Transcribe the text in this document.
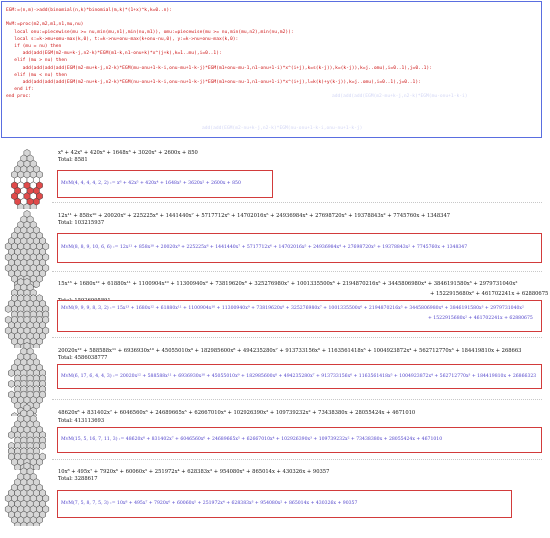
EGM:=(n,m)->add(binomial(n,k)*binomial(m,k)*(1+x)^k,k=0..n):
MvM:=proc(m2,m2,m1,n1,mu,nu)
local onu:=piecewise(mu >= nu,min(mu,n1),min(nu,m1)), omu:=piecewise(mu >= nu,min(mu,n2),min(nu,m2)):
local s:=k->mu+omu-max(k,0), t:=k->nu+onu-max(k+onu-nu,0), y:=k->nu+onu-max(k,0):
if (mu = nu) then
add(add(EGM(m2-mu+k-j,n2-k)*EGM(m1-k,n1-onu+k)*x^(j+k),k=1..mu),i=0..1):
elif (mu > nu) then
add(add(add(add(EGM(m2-mu+k-j,n2-k)*EGM(mu-onu+1-k-i,onu-mu+1-k-j)*EGM(m1+onu-mu-1,n1-onu+1-i)*x^(i+j),k=s(k-j)),k=(k-j)),k=j..omu),i=0..1),j=0..1):
elif (mu < nu) then
add(add(add(add(EGM(m2-nu+k-j,n2-k)*EGM(nu-onu+1-k-i,onu-nu+1-k-j)*EGM(m1+onu-nu-1,n1-onu+1-i)*x^(i+j),l=k(k)+y(k-j)),k=j..omu),i=0..1),j=0..1):
end if:
end proc:	add(add(add(EGM(m2-mu+k-j,n2-k)*EGM(mu-onu+1-k-i)
add(add(EGM(m2-nu+k-j,n2-k)*EGM(nu-onu+1-k-i,onu-nu+1-k-j)
x⁶ + 42x⁵ + 420x⁴ + 1648x³ + 3020x² + 2600x + 850
Total: 8581
MvM(4, 4, 4, 4, 2, 2) := x⁶ + 42x⁵ + 420x⁴ + 1648x³ + 3620x² + 2600x + 850
12x¹¹ + 858x¹⁰ + 20020x⁹ + 225225x⁸ + 1441440x⁷ + 5717712x⁶ + 14702016x⁵ + 24936984x⁴ + 27698720x³ + 19378843x² + 7745760x + 1348347
Total: 103215937
MvM(8, 8, 9, 10, 6, 6) := 12x¹¹ + 858x¹⁰ + 20020x⁹ + 225225x⁸ + 1441440x⁷ + 5717712x⁶ + 14702016x⁵ + 24936984x⁴ + 27698720x³ + 19378843x² + 7745760x + 1348347
15x¹³ + 1680x¹² + 61880x¹¹ + 1100904x¹⁰ + 11300940x⁹ + 73819620x⁸ + 325276980x⁷ + 1001335500x⁶ + 2194870216x⁵ + 3445806980x⁴ + 3846191580x³ + 2979731040x²
+ 1522915680x² + 461702241x + 62880675
MvM(9, 9, 9, 8, 3, 2) := 15x¹³ + 1680x¹² + 61880x¹¹ + 1100904x¹⁰ + 11300940x⁹ + 73819620x⁸ + 325276980x⁷ + 1001335500x⁶ + 2194870216x⁵ + 3445806980x⁴ + 3846191580x³ + 2979731040x²
+ 1522915680x² + 461702241x + 62880675
20020x¹² + 588588x¹¹ + 6936930x¹⁰ + 45055010x⁹ + 182985600x⁸ + 494235280x⁷ + 913733156x⁶ + 1163561418x⁵ + 1004923872x⁴ + 562712770x³ + 184419810x + 268663
Total: 4586038777
MvM(6, 17, 6, 4, 4, 3) := 20020x¹² + 588588x¹¹ + 6936930x¹⁰ + 45055010x⁹ + 182985600x⁸ + 494235280x⁷ + 913733156x⁶ + 1163561418x⁵ + 1004923872x⁴ + 562712770x³ + 184419810x + 26866323
48620x⁸ + 831402x⁷ + 6046560x⁶ + 24689665x⁵ + 62667010x⁴ + 102926390x³ + 109739232x² + 73438380x + 28055424x + 4671010
Total: 413113693
MvM(15, 5, 16, 7, 11, 3) := 48620x⁸ + 831402x⁷ + 6046560x⁶ + 24689665x⁵ + 62667010x⁴ + 102926390x³ + 109739232x² + 73438380x + 28055424x + 4671010
10x⁸ + 495x⁷ + 7920x⁶ + 60060x⁵ + 251972x⁴ + 628383x³ + 954080x² + 865014x + 430326x + 90357
Total: 3288617
MvM(7, 5, 8, 7, 5, 3) := 10x⁸ + 495x⁷ + 7920x⁶ + 60060x⁵ + 251972x⁴ + 628383x³ + 954080x² + 865014x + 430326x + 90357
